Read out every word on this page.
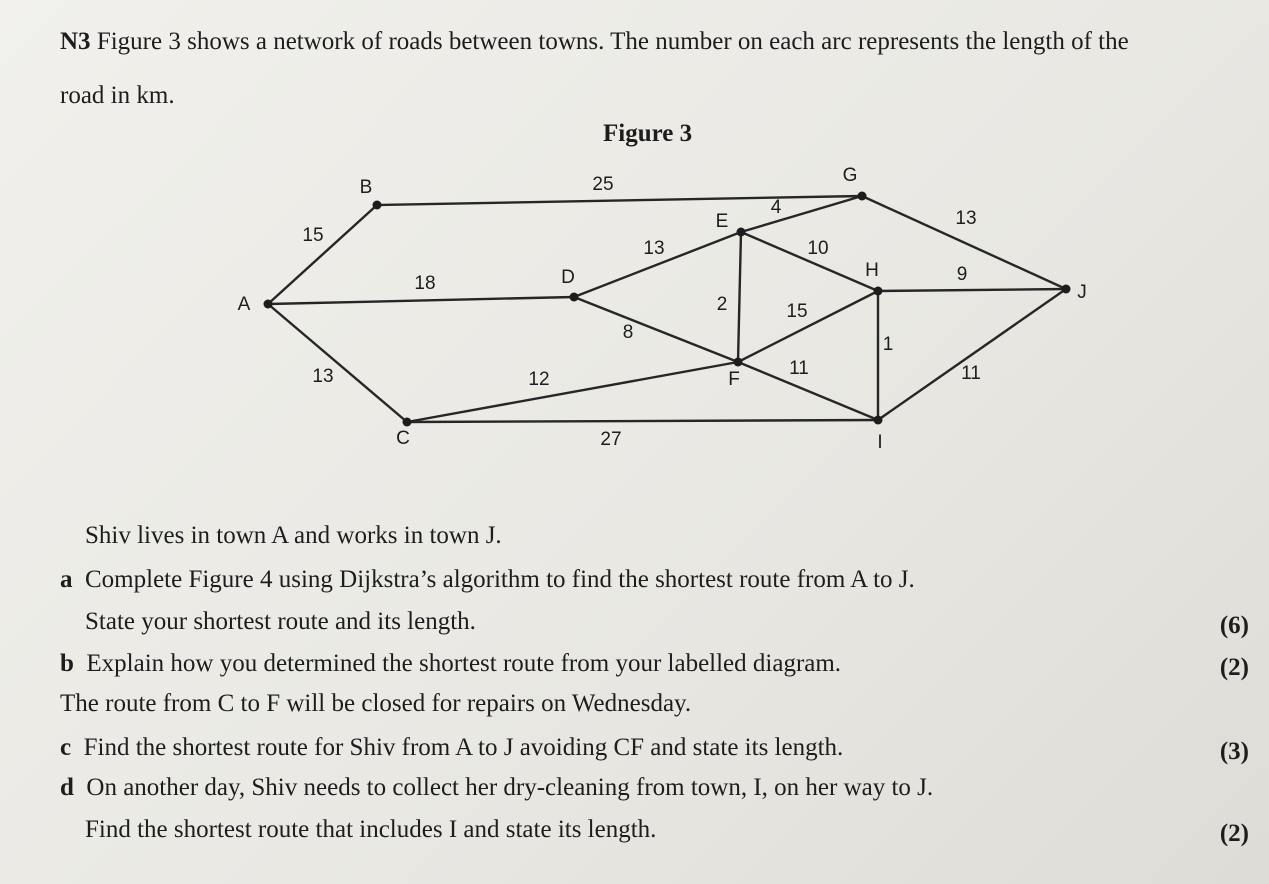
N3 Figure 3 shows a network of roads between towns. The number on each arc represents the length of the
road in km.
Figure 3
15
25
18
13
13
4
13
10
9
2
8
15
1
12
11	11
27
A
B
C
D
E
F
G
H
I
J
Shiv lives in town A and works in town J.
a Complete Figure 4 using Dijkstra’s algorithm to find the shortest route from A to J.
State your shortest route and its length.	(6)
b Explain how you determined the shortest route from your labelled diagram.	(2)
The route from C to F will be closed for repairs on Wednesday.
c Find the shortest route for Shiv from A to J avoiding CF and state its length.	(3)
d On another day, Shiv needs to collect her dry-cleaning from town, I, on her way to J.
Find the shortest route that includes I and state its length.	(2)
